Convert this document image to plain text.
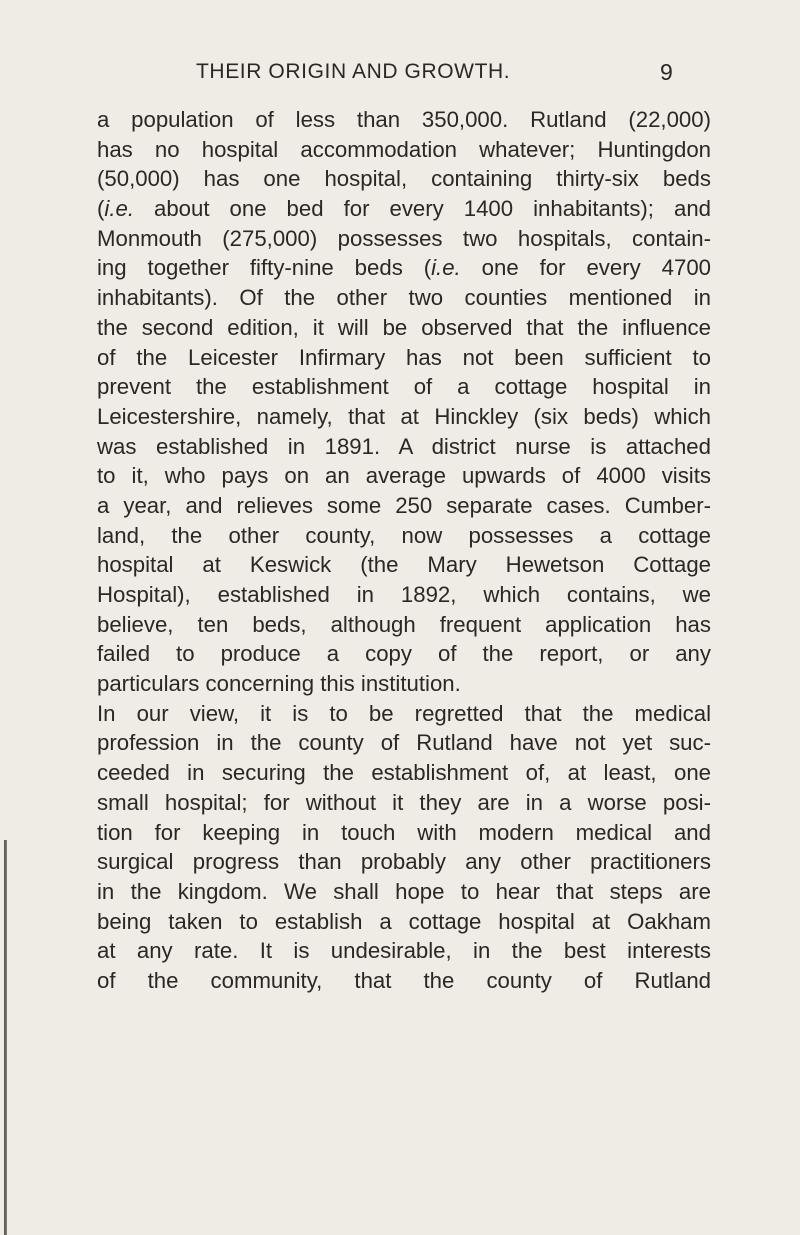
THEIR ORIGIN AND GROWTH.	9
a population of less than 350,000. Rutland (22,000)
has no hospital accommodation whatever; Huntingdon
(50,000) has one hospital, containing thirty-six beds
(i.e. about one bed for every 1400 inhabitants); and
Monmouth (275,000) possesses two hospitals, contain-
ing together fifty-nine beds (i.e. one for every 4700
inhabitants). Of the other two counties mentioned in
the second edition, it will be observed that the influence
of the Leicester Infirmary has not been sufficient to
prevent the establishment of a cottage hospital in
Leicestershire, namely, that at Hinckley (six beds) which
was established in 1891. A district nurse is attached
to it, who pays on an average upwards of 4000 visits
a year, and relieves some 250 separate cases. Cumber-
land, the other county, now possesses a cottage
hospital at Keswick (the Mary Hewetson Cottage
Hospital), established in 1892, which contains, we
believe, ten beds, although frequent application has
failed to produce a copy of the report, or any
particulars concerning this institution.
In our view, it is to be regretted that the medical
profession in the county of Rutland have not yet suc-
ceeded in securing the establishment of, at least, one
small hospital; for without it they are in a worse posi-
tion for keeping in touch with modern medical and
surgical progress than probably any other practitioners
in the kingdom. We shall hope to hear that steps are
being taken to establish a cottage hospital at Oakham
at any rate. It is undesirable, in the best interests
of the community, that the county of Rutland
